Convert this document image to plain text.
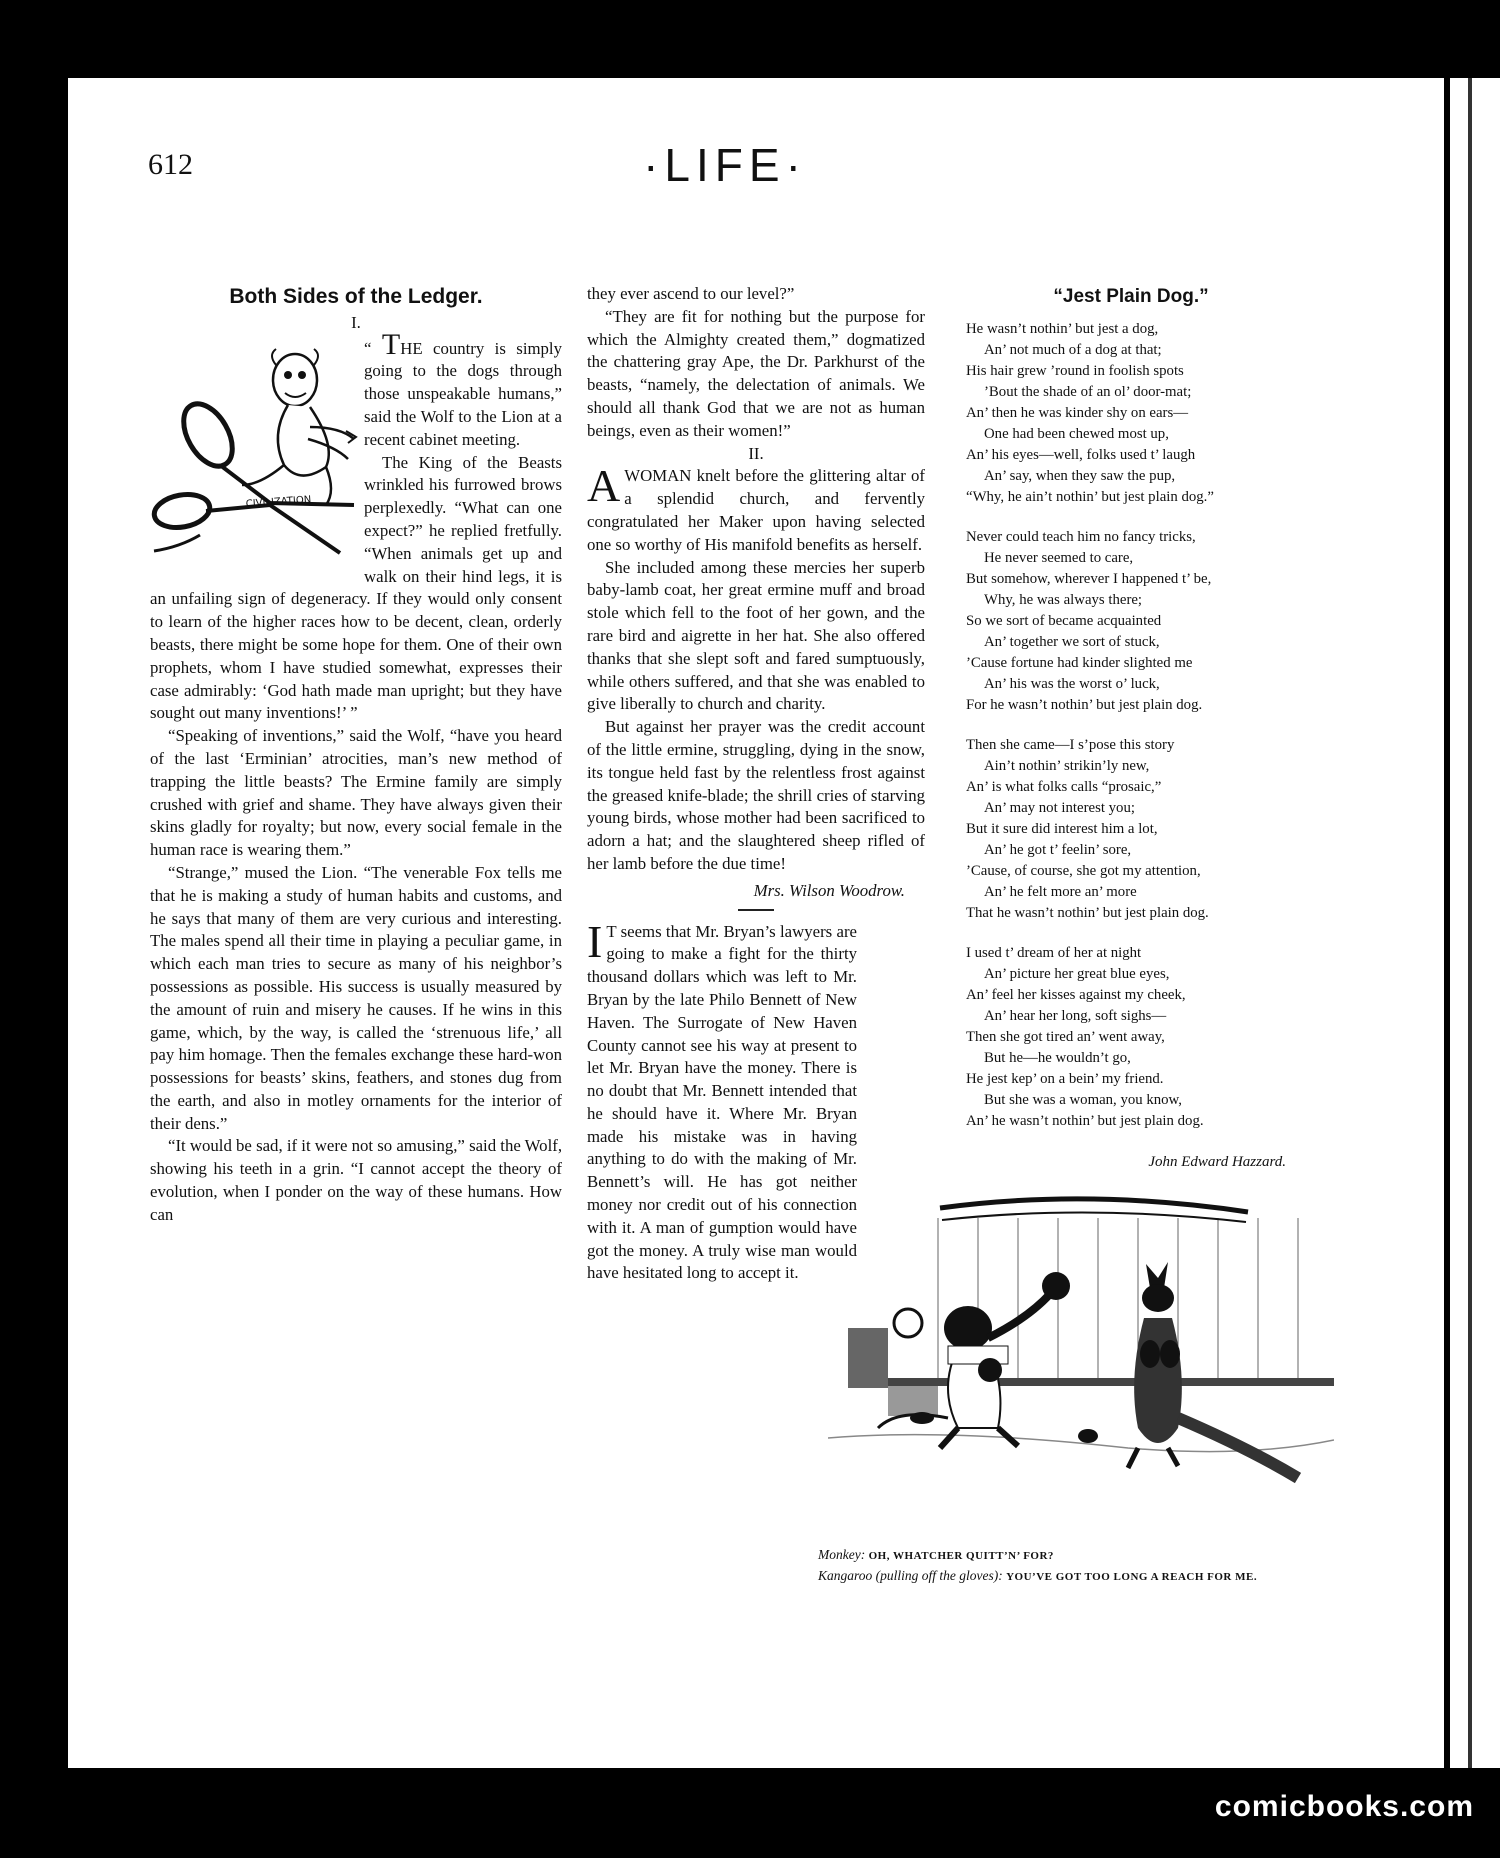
612	·LIFE·
Both Sides of the Ledger.
I.
CIVILIZATION

“ THE country is simply going to the dogs through those unspeakable humans,” said the Wolf to the Lion at a recent cabinet meeting.

The King of the Beasts wrinkled his furrowed brows perplexedly. “What can one expect?” he replied fretfully. “When animals get up and walk on their hind legs, it is an unfailing sign of degeneracy. If they would only consent to learn of the higher races how to be decent, clean, orderly beasts, there might be some hope for them. One of their own prophets, whom I have studied somewhat, expresses their case admirably: ‘God hath made man upright; but they have sought out many inventions!’ ”

“Speaking of inventions,” said the Wolf, “have you heard of the last ‘Erminian’ atrocities, man’s new method of trapping the little beasts? The Ermine family are simply crushed with grief and shame. They have always given their skins gladly for royalty; but now, every social female in the human race is wearing them.”

“Strange,” mused the Lion. “The venerable Fox tells me that he is making a study of human habits and customs, and he says that many of them are very curious and interesting. The males spend all their time in playing a peculiar game, in which each man tries to secure as many of his neighbor’s possessions as possible. His success is usually measured by the amount of ruin and misery he causes. If he wins in this game, which, by the way, is called the ‘strenuous life,’ all pay him homage. Then the females exchange these hard-won possessions for beasts’ skins, feathers, and stones dug from the earth, and also in motley ornaments for the interior of their dens.”

“It would be sad, if it were not so amusing,” said the Wolf, showing his teeth in a grin. “I cannot accept the theory of evolution, when I ponder on the way of these humans. How can

they ever ascend to our level?”

“They are fit for nothing but the purpose for which the Almighty created them,” dogmatized the chattering gray Ape, the Dr. Parkhurst of the beasts, “namely, the delectation of animals. We should all thank God that we are not as human beings, even as their women!”

II.

AWOMAN knelt before the glittering altar of a splendid church, and fervently congratulated her Maker upon having selected one so worthy of His manifold benefits as herself.

She included among these mercies her superb baby-lamb coat, her great ermine muff and broad stole which fell to the foot of her gown, and the rare bird and aigrette in her hat. She also offered thanks that she slept soft and fared sumptuously, while others suffered, and that she was enabled to give liberally to church and charity.

But against her prayer was the credit account of the little ermine, struggling, dying in the snow, its tongue held fast by the relentless frost against the greased knife-blade; the shrill cries of starving young birds, whose mother had been sacrificed to adorn a hat; and the slaughtered sheep rifled of her lamb before the due time!

Mrs. Wilson Woodrow.

I T seems that Mr. Bryan’s lawyers are going to make a fight for the thirty thousand dollars which was left to Mr. Bryan by the late Philo Bennett of New Haven. The Surrogate of New Haven County cannot see his way at present to let Mr. Bryan have the money. There is no doubt that Mr. Bennett intended that he should have it. Where Mr. Bryan made his mistake was in having anything to do with the making of Mr. Bennett’s will. He has got neither money nor credit out of his connection with it. A man of gumption would have got the money. A truly wise man would have hesitated long to accept it.

“Jest Plain Dog.”
He wasn’t nothin’ but jest a dog,
An’ not much of a dog at that;
His hair grew ’round in foolish spots
’Bout the shade of an ol’ door-mat;
An’ then he was kinder shy on ears—
One had been chewed most up,
An’ his eyes—well, folks used t’ laugh
An’ say, when they saw the pup,
“Why, he ain’t nothin’ but jest plain dog.”
Never could teach him no fancy tricks,
He never seemed to care,
But somehow, wherever I happened t’ be,
Why, he was always there;
So we sort of became acquainted
An’ together we sort of stuck,
’Cause fortune had kinder slighted me
An’ his was the worst o’ luck,
For he wasn’t nothin’ but jest plain dog.
Then she came—I s’pose this story
Ain’t nothin’ strikin’ly new,
An’ is what folks calls “prosaic,”
An’ may not interest you;
But it sure did interest him a lot,
An’ he got t’ feelin’ sore,
’Cause, of course, she got my attention,
An’ he felt more an’ more
That he wasn’t nothin’ but jest plain dog.
I used t’ dream of her at night
An’ picture her great blue eyes,
An’ feel her kisses against my cheek,
An’ hear her long, soft sighs—
Then she got tired an’ went away,
But he—he wouldn’t go,
He jest kep’ on a bein’ my friend.
But she was a woman, you know,
An’ he wasn’t nothin’ but jest plain dog.
John Edward Hazzard.
Monkey: OH, WHATCHER QUITT’N’ FOR?
Kangaroo (pulling off the gloves): YOU’VE GOT TOO LONG A REACH FOR ME.
comicbooks.com
